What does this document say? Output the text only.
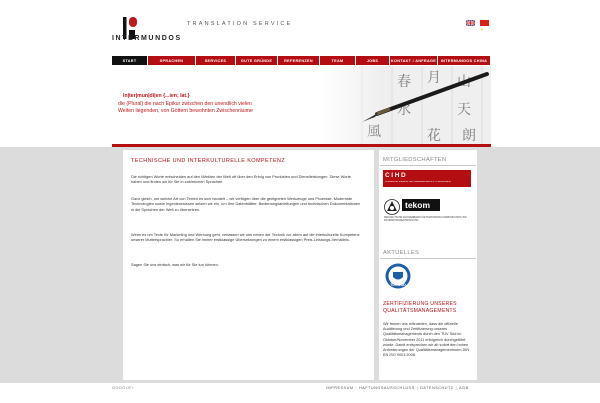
INTER MUNDOS
TRANSLATION SERVICE
START	SPRACHEN	SERVICES	GUTE GRÜNDE	REFERENZEN	TEAM	JOBS	KONTAKT / ANFRAGE	INTERMUNDOS CHINA
In|ter|mun|di|en {...ien; lat.}
die (Plural) die nach Epikur zwischen den unendlich vielen
Welten liegenden, von Göttern bewohnten Zwischenräume
TECHNISCHE UND INTERKULTURELLE KOMPETENZ
Die richtigen Worte entscheiden auf den Märkten der Welt oft über den Erfolg von Produkten und Dienstleistungen. Diese Worte haben und finden wir für Sie in zahlreichen Sprachen.
Ganz gleich, um welche Art von Texten es sich handelt – wir verfügen über die geeigneten Werkzeuge und Prozesse. Modernste Technologien sowie Ingenieurwissen setzen wir ein, um Ihre Datenblätter, Bedienungsanleitungen und technischen Dokumentationen in die Sprachen der Welt zu übersetzen.
Wenn es um Texte für Marketing und Werbung geht, verlassen wir uns neben der Technik vor allem auf die interkulturelle Kompetenz unserer Muttersprachler. So erhalten Sie immer erstklassige Übersetzungen zu einem erstklassigen Preis-Leistungs-Verhältnis.
Sagen Sie uns einfach, was wir für Sie tun können.
MITGLIEDSCHAFTEN
CIHD
Chinesischer Industrie- und Handelsverband e.V. in Deutschland
tekom
DER DEUTSCHE FACHVERBAND FÜR TECHNISCHE KOMMUNIKATION UND INFORMATIONSENTWICKLUNG
AKTUELLES
TÜV SÜD
ZERTIFIZIERUNG UNSERES QUALITÄTSMANAGEMENTS
Wir freuen uns mitzuteilen, dass die offizielle Auditierung und Zertifizierung unseres Qualitätsmanagements durch den TÜV Süd im Oktober/November 2011 erfolgreich durchgeführt wurde. Damit entsprechen wir ab sofort den hohen Anforderungen der Qualitätsmanagementnorm DIN EN ISO 9001:2008.
GOOGLE+	IMPRESSUM | HAFTUNGSAUSSCHLUSS | DATENSCHUTZ | AGB
